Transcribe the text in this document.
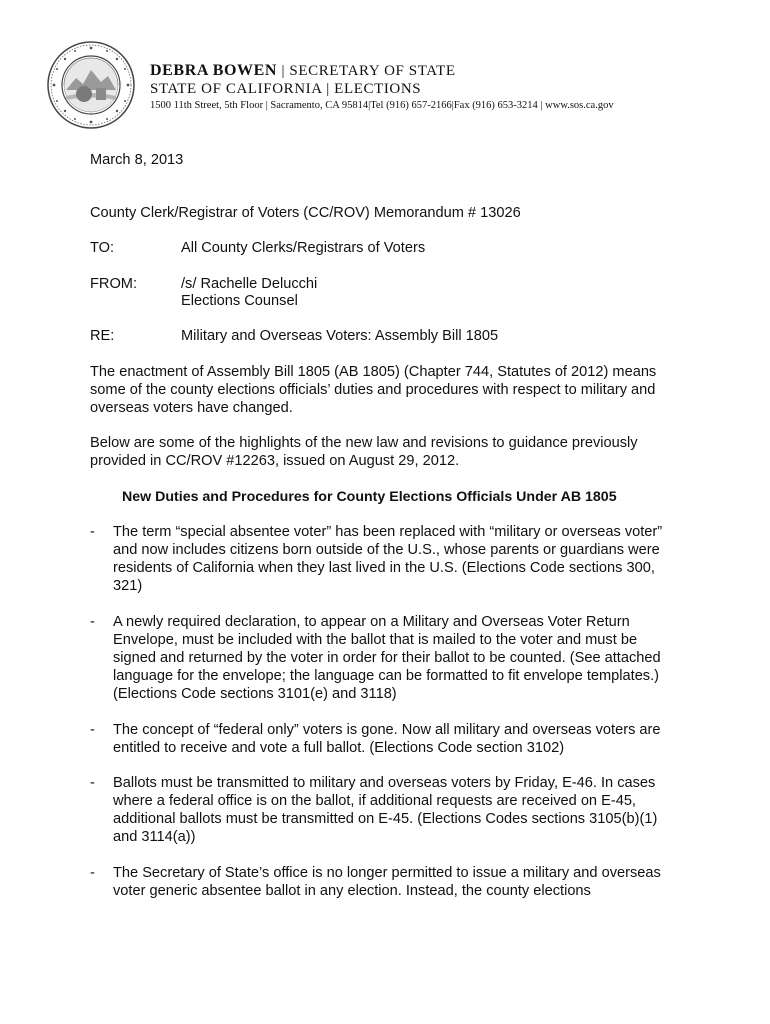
DEBRA BOWEN | SECRETARY OF STATE
STATE OF CALIFORNIA | ELECTIONS
1500 11th Street, 5th Floor | Sacramento, CA 95814|Tel (916) 657-2166|Fax (916) 653-3214 | www.sos.ca.gov
March 8, 2013
County Clerk/Registrar of Voters (CC/ROV) Memorandum # 13026
TO:	All County Clerks/Registrars of Voters
FROM:	/s/ Rachelle Delucchi
Elections Counsel
RE:	Military and Overseas Voters: Assembly Bill 1805

The enactment of Assembly Bill 1805 (AB 1805) (Chapter 744, Statutes of 2012) means some of the county elections officials’ duties and procedures with respect to military and overseas voters have changed.

Below are some of the highlights of the new law and revisions to guidance previously provided in CC/ROV #12263, issued on August 29, 2012.

New Duties and Procedures for County Elections Officials Under AB 1805
- The term “special absentee voter” has been replaced with “military or overseas voter” and now includes citizens born outside of the U.S., whose parents or guardians were residents of California when they last lived in the U.S. (Elections Code sections 300, 321)

- A newly required declaration, to appear on a Military and Overseas Voter Return Envelope, must be included with the ballot that is mailed to the voter and must be signed and returned by the voter in order for their ballot to be counted. (See attached language for the envelope; the language can be formatted to fit envelope templates.) (Elections Code sections 3101(e) and 3118)

- The concept of “federal only” voters is gone. Now all military and overseas voters are entitled to receive and vote a full ballot. (Elections Code section 3102)

- Ballots must be transmitted to military and overseas voters by Friday, E-46. In cases where a federal office is on the ballot, if additional requests are received on E-45, additional ballots must be transmitted on E-45. (Elections Codes sections 3105(b)(1) and 3114(a))

- The Secretary of State’s office is no longer permitted to issue a military and overseas voter generic absentee ballot in any election. Instead, the county elections
